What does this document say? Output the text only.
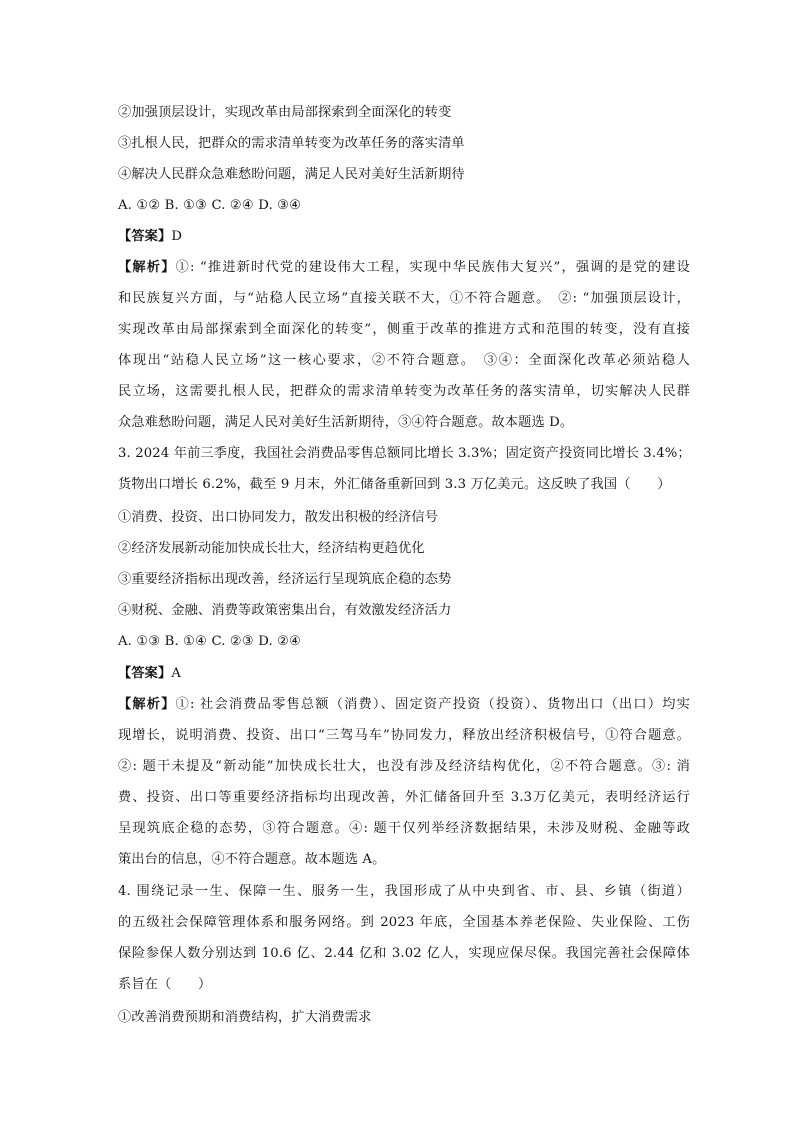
②加强顶层设计，实现改革由局部探索到全面深化的转变
③扎根人民，把群众的需求清单转变为改革任务的落实清单
④解决人民群众急难愁盼问题，满足人民对美好生活新期待
A. ①② B. ①③ C. ②④ D. ③④
【答案】D
【解析】①: “推进新时代党的建设伟大工程，实现中华民族伟大复兴”，强调的是党的建设
和民族复兴方面，与“站稳人民立场”直接关联不大，①不符合题意。　②: “加强顶层设计，
实现改革由局部探索到全面深化的转变”，侧重于改革的推进方式和范围的转变，没有直接
体现出“站稳人民立场”这一核心要求，②不符合题意。　③④：全面深化改革必须站稳人
民立场，这需要扎根人民，把群众的需求清单转变为改革任务的落实清单，切实解决人民群
众急难愁盼问题，满足人民对美好生活新期待，③④符合题意。故本题选 D。
3. 2024 年前三季度，我国社会消费品零售总额同比增长 3.3%；固定资产投资同比增长 3.4%；
货物出口增长 6.2%，截至 9 月末，外汇储备重新回到 3.3 万亿美元。这反映了我国（　　）
①消费、投资、出口协同发力，散发出积极的经济信号
②经济发展新动能加快成长壮大，经济结构更趋优化
③重要经济指标出现改善，经济运行呈现筑底企稳的态势
④财税、金融、消费等政策密集出台，有效激发经济活力
A. ①③ B. ①④ C. ②③ D. ②④
【答案】A
【解析】①: 社会消费品零售总额（消费）、固定资产投资（投资）、货物出口（出口）均实
现增长，说明消费、投资、出口“三驾马车”协同发力，释放出经济积极信号，①符合题意。
②: 题干未提及“新动能”加快成长壮大，也没有涉及经济结构优化，②不符合题意。③: 消
费、投资、出口等重要经济指标均出现改善，外汇储备回升至 3.3万亿美元，表明经济运行
呈现筑底企稳的态势，③符合题意。④: 题干仅列举经济数据结果，未涉及财税、金融等政
策出台的信息，④不符合题意。故本题选 A。
4. 围绕记录一生、保障一生、服务一生，我国形成了从中央到省、市、县、乡镇（街道）
的五级社会保障管理体系和服务网络。到 2023 年底，全国基本养老保险、失业保险、工伤
保险参保人数分别达到 10.6 亿、2.44 亿和 3.02 亿人，实现应保尽保。我国完善社会保障体
系旨在（　　）
①改善消费预期和消费结构，扩大消费需求
